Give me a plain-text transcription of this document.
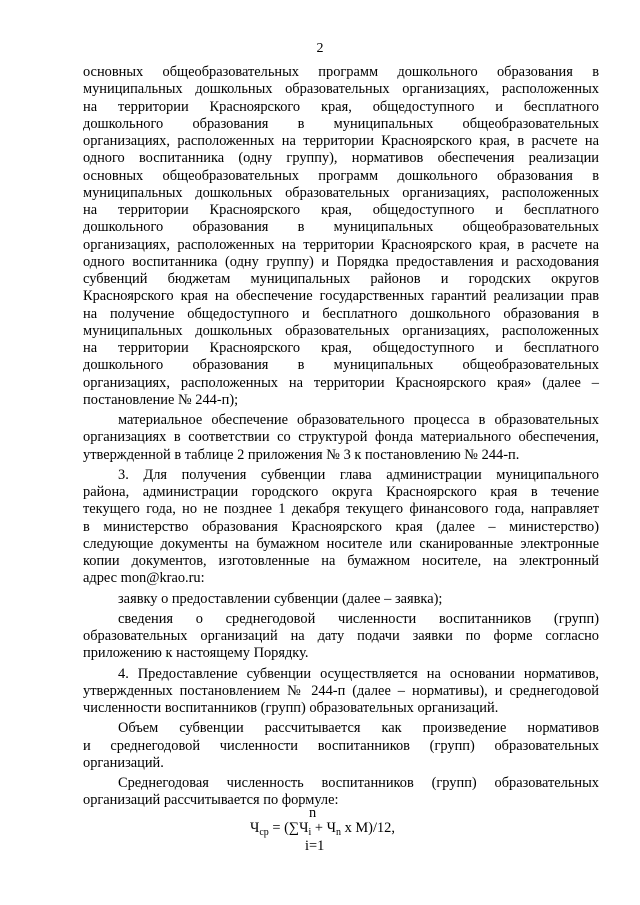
2
основных общеобразовательных программ дошкольного образования в
муниципальных дошкольных образовательных организациях, расположенных
на территории Красноярского края, общедоступного и бесплатного
дошкольного образования в муниципальных общеобразовательных
организациях, расположенных на территории Красноярского края, в расчете на
одного воспитанника (одну группу), нормативов обеспечения реализации
основных общеобразовательных программ дошкольного образования в
муниципальных дошкольных образовательных организациях, расположенных
на территории Красноярского края, общедоступного и бесплатного
дошкольного образования в муниципальных общеобразовательных
организациях, расположенных на территории Красноярского края, в расчете на
одного воспитанника (одну группу) и Порядка предоставления и расходования
субвенций бюджетам муниципальных районов и городских округов
Красноярского края на обеспечение государственных гарантий реализации прав
на получение общедоступного и бесплатного дошкольного образования в
муниципальных дошкольных образовательных организациях, расположенных
на территории Красноярского края, общедоступного и бесплатного
дошкольного образования в муниципальных общеобразовательных
организациях, расположенных на территории Красноярского края» (далее –
постановление № 244-п);
материальное обеспечение образовательного процесса в образовательных
организациях в соответствии со структурой фонда материального обеспечения,
утвержденной в таблице 2 приложения № 3 к постановлению № 244-п.
3. Для получения субвенции глава администрации муниципального
района, администрации городского округа Красноярского края в течение
текущего года, но не позднее 1 декабря текущего финансового года, направляет
в министерство образования Красноярского края (далее – министерство)
следующие документы на бумажном носителе или сканированные электронные
копии документов, изготовленные на бумажном носителе, на электронный
адрес mon@krao.ru:
заявку о предоставлении субвенции (далее – заявка);
сведения о среднегодовой численности воспитанников (групп)
образовательных организаций на дату подачи заявки по форме согласно
приложению к настоящему Порядку.
4. Предоставление субвенции осуществляется на основании нормативов,
утвержденных постановлением № 244-п (далее – нормативы), и среднегодовой
численности воспитанников (групп) образовательных организаций.
Объем субвенции рассчитывается как произведение нормативов
и среднегодовой численности воспитанников (групп) образовательных
организаций.
Среднегодовая численность воспитанников (групп) образовательных
организаций рассчитывается по формуле:
n
$Ч_{ср} = (\sum Ч_i + Ч_n$ x М)/12,
i=1
